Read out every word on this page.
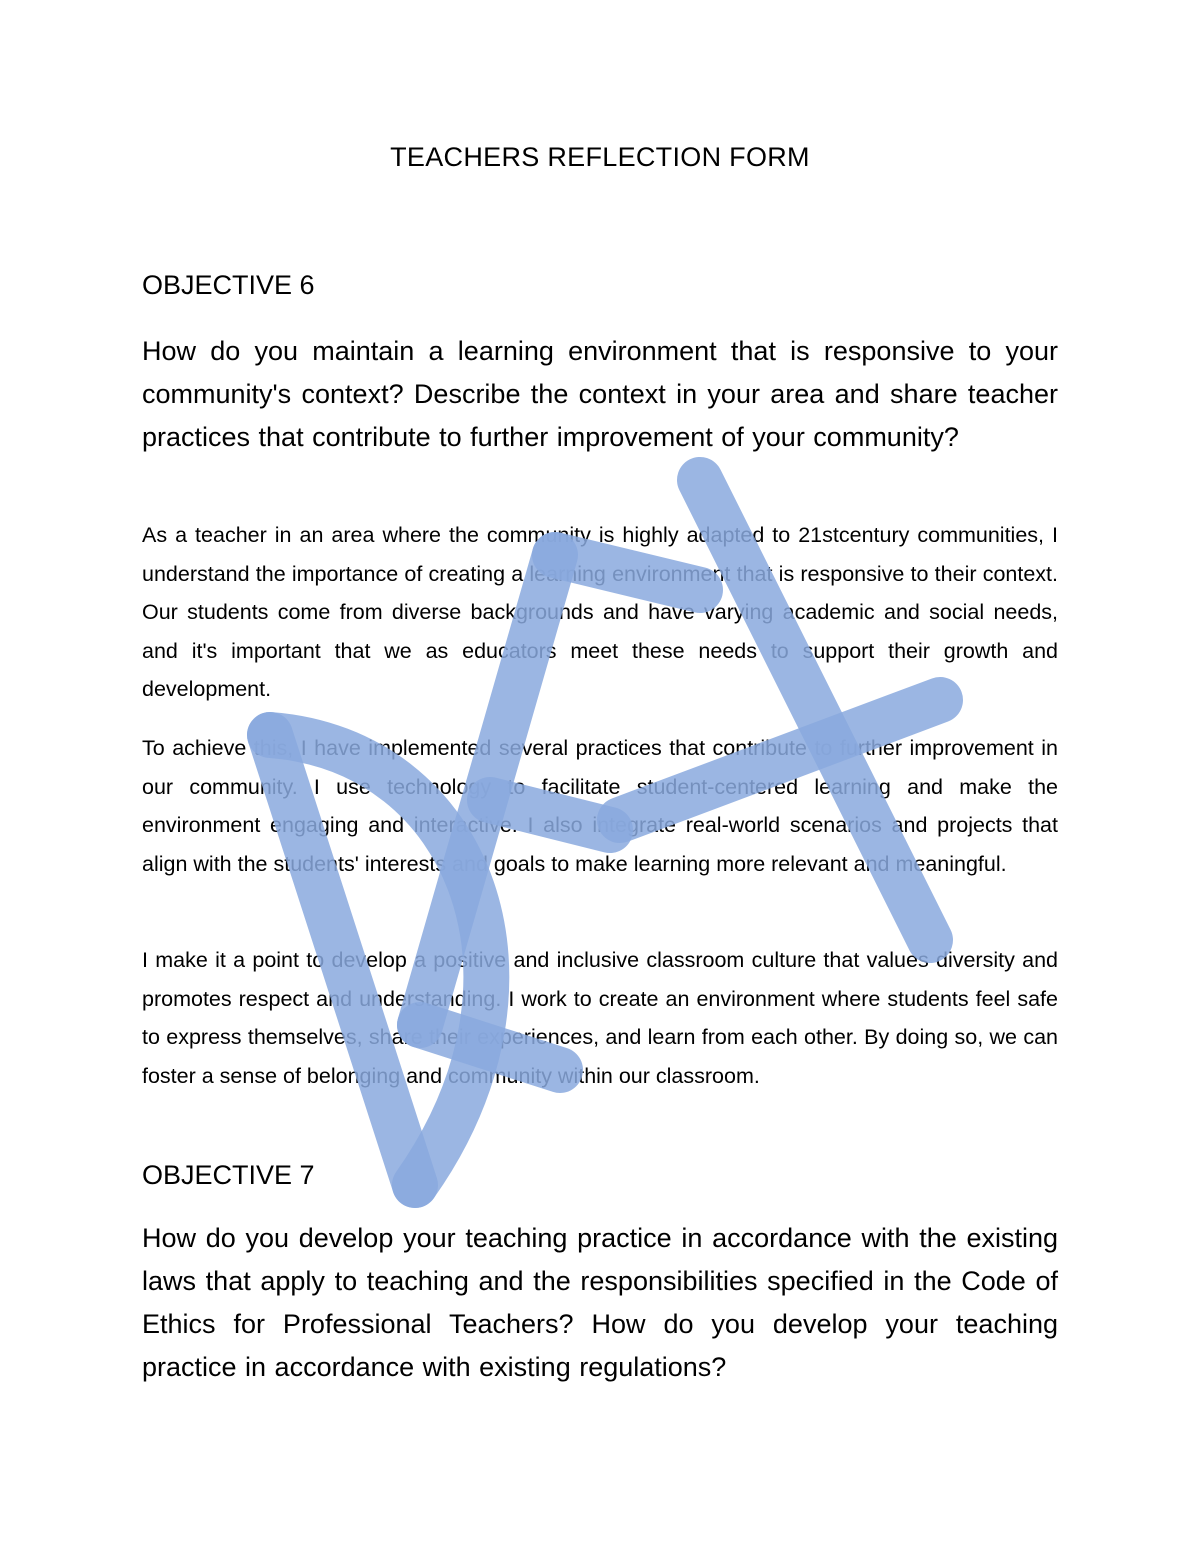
TEACHERS REFLECTION FORM
OBJECTIVE 6
How do you maintain a learning environment that is responsive to your community's context? Describe the context in your area and share teacher practices that contribute to further improvement of your community?
As a teacher in an area where the community is highly adapted to 21stcentury communities, I understand the importance of creating a learning environment that is responsive to their context. Our students come from diverse backgrounds and have varying academic and social needs, and it's important that we as educators meet these needs to support their growth and development.
To achieve this, I have implemented several practices that contribute to further improvement in our community. I use technology to facilitate student-centered learning and make the environment engaging and interactive. I also integrate real-world scenarios and projects that align with the students' interests and goals to make learning more relevant and meaningful.
I make it a point to develop a positive and inclusive classroom culture that values diversity and promotes respect and understanding. I work to create an environment where students feel safe to express themselves, share their experiences, and learn from each other. By doing so, we can foster a sense of belonging and community within our classroom.
OBJECTIVE 7
How do you develop your teaching practice in accordance with the existing laws that apply to teaching and the responsibilities specified in the Code of Ethics for Professional Teachers? How do you develop your teaching practice in accordance with existing regulations?
